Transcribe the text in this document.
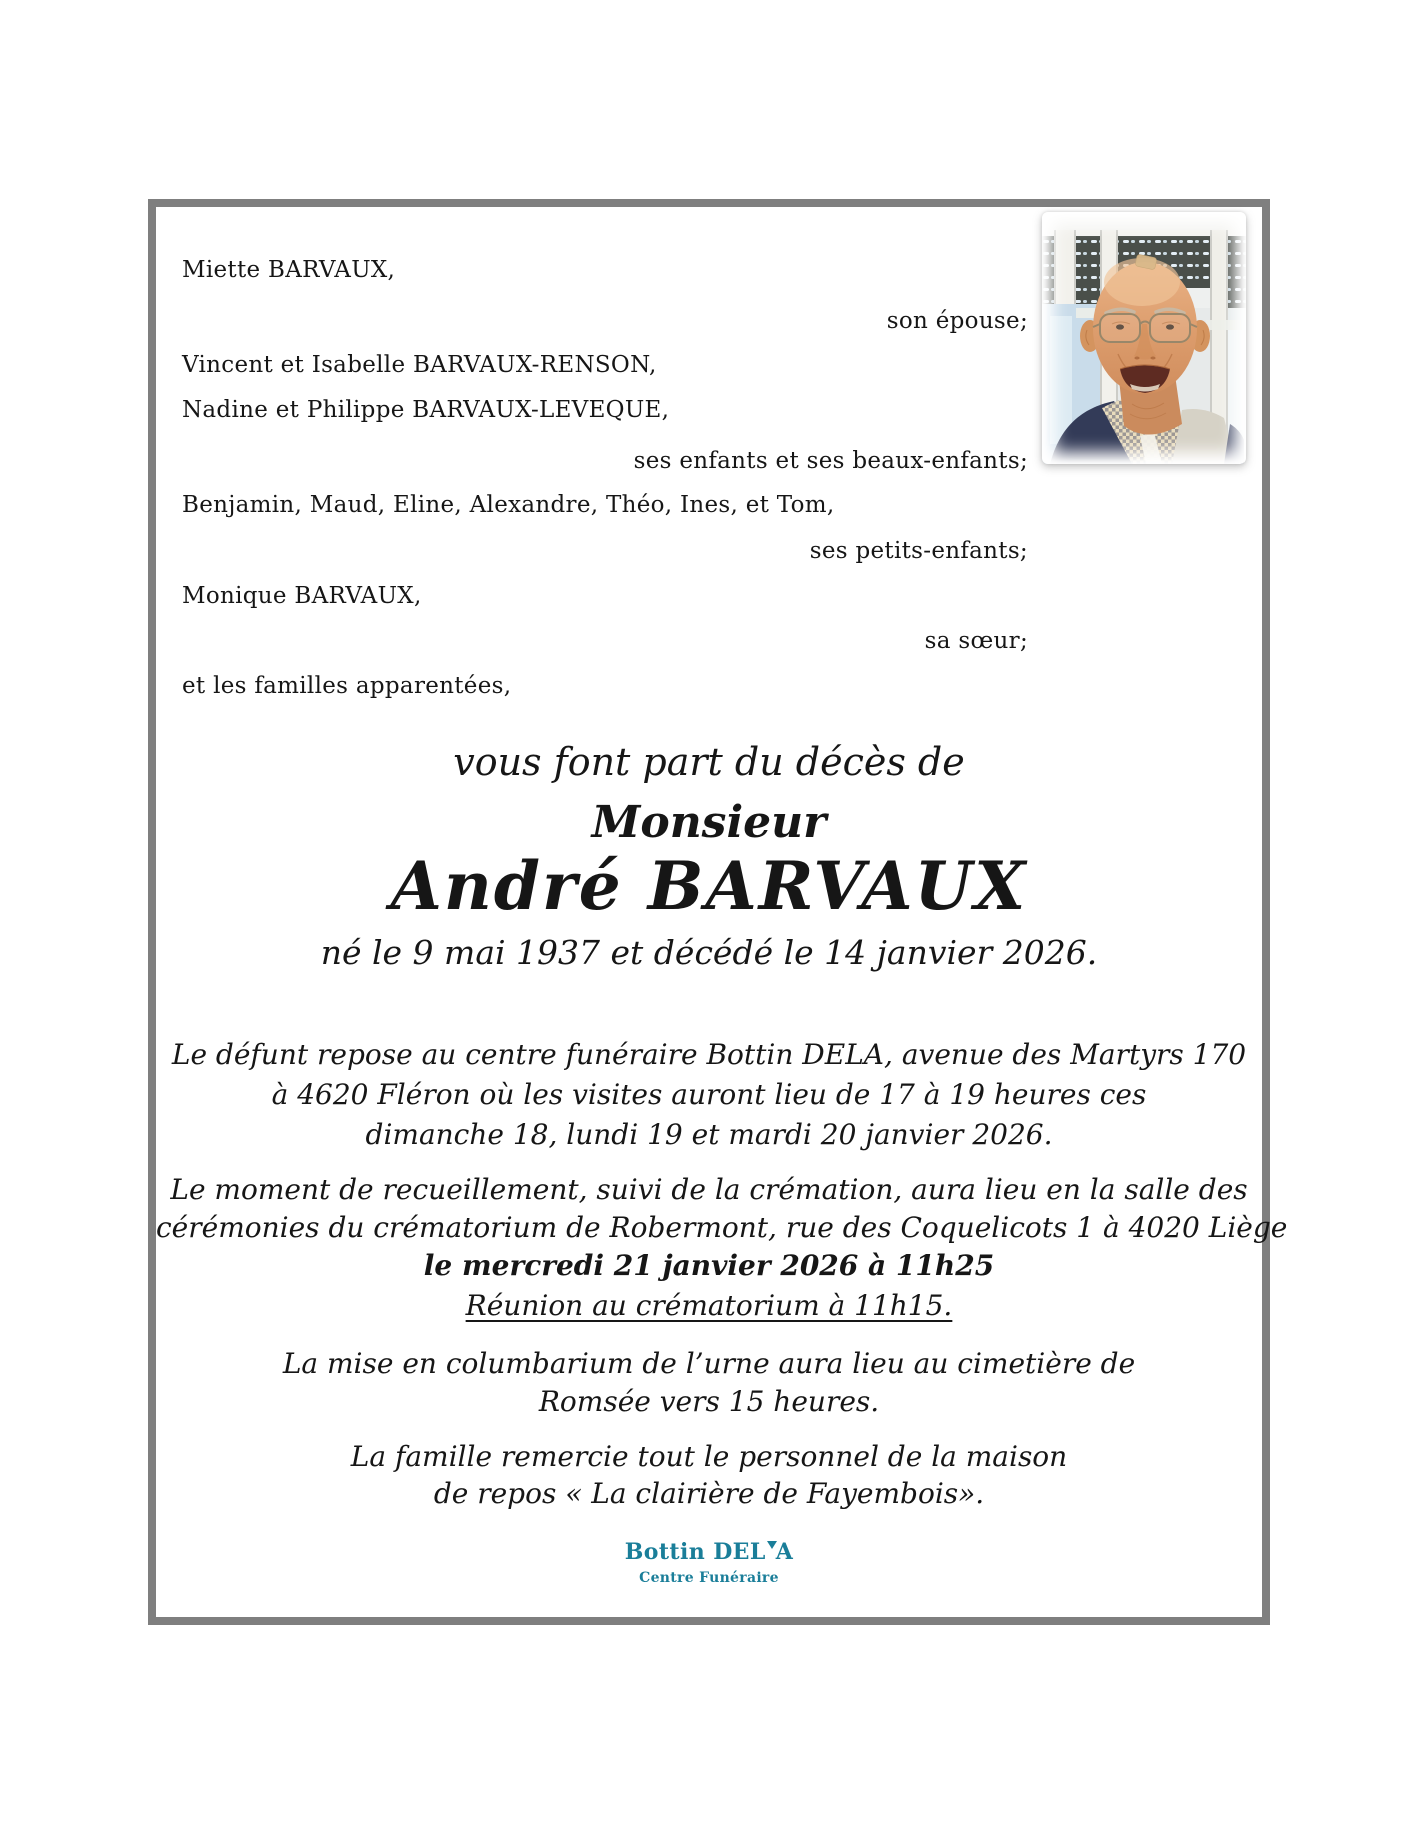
Miette BARVAUX,
son épouse;
Vincent et Isabelle BARVAUX-RENSON,
Nadine et Philippe BARVAUX-LEVEQUE,
ses enfants et ses beaux-enfants;
Benjamin, Maud, Eline, Alexandre, Théo, Ines, et Tom,
ses petits-enfants;
Monique BARVAUX,
sa sœur;
et les familles apparentées,
vous font part du décès de
Monsieur
André BARVAUX
né le 9 mai 1937 et décédé le 14 janvier 2026.
Le défunt repose au centre funéraire Bottin DELA, avenue des Martyrs 170
à 4620 Fléron où les visites auront lieu de 17 à 19 heures ces
dimanche 18, lundi 19 et mardi 20 janvier 2026.
Le moment de recueillement, suivi de la crémation, aura lieu en la salle des
cérémonies du crématorium de Robermont, rue des Coquelicots 1 à 4020 Liège
le mercredi 21 janvier 2026 à 11h25
Réunion au crématorium à 11h15.
La mise en columbarium de l’urne aura lieu au cimetière de
Romsée vers 15 heures.
La famille remercie tout le personnel de la maison
de repos « La clairière de Fayembois».
Bottin DEL A
Centre Funéraire
